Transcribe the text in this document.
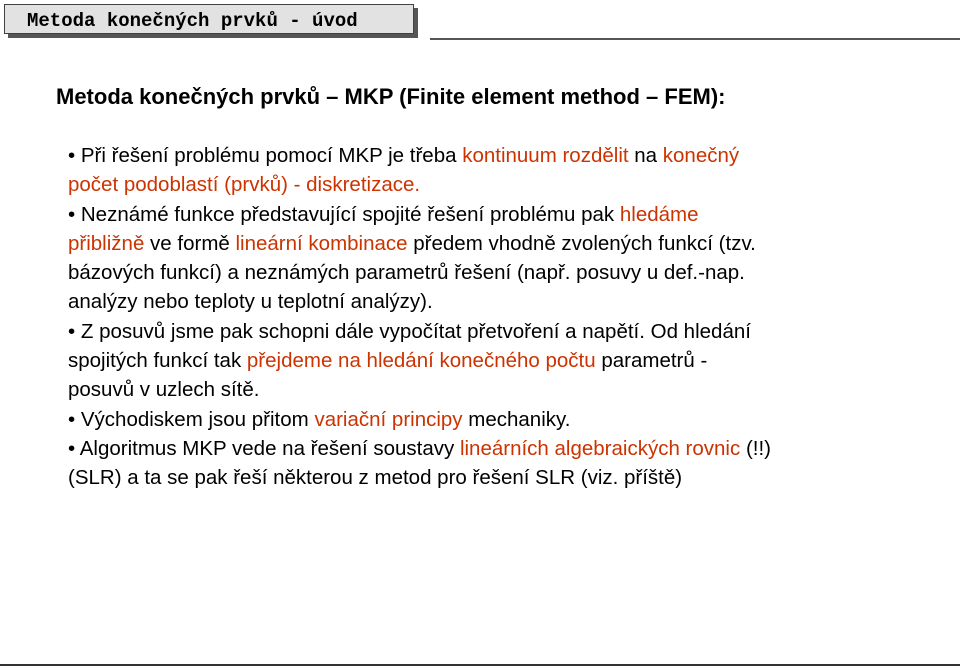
Metoda konečných prvků - úvod
Metoda konečných prvků – MKP (Finite element method – FEM):
• Při řešení problému pomocí MKP je třeba kontinuum rozdělit na konečný
počet podoblastí (prvků) - diskretizace.
• Neznámé funkce představující spojité řešení problému pak hledáme
přibližně ve formě lineární kombinace předem vhodně zvolených funkcí (tzv.
bázových funkcí) a neznámých parametrů řešení (např. posuvy u def.-nap.
analýzy nebo teploty u teplotní analýzy).
• Z posuvů jsme pak schopni dále vypočítat přetvoření a napětí. Od hledání
spojitých funkcí tak přejdeme na hledání konečného počtu parametrů -
posuvů v uzlech sítě.
• Východiskem jsou přitom variační principy mechaniky.
• Algoritmus MKP vede na řešení soustavy lineárních algebraických rovnic (!!)
(SLR) a ta se pak řeší některou z metod pro řešení SLR (viz. příště)
